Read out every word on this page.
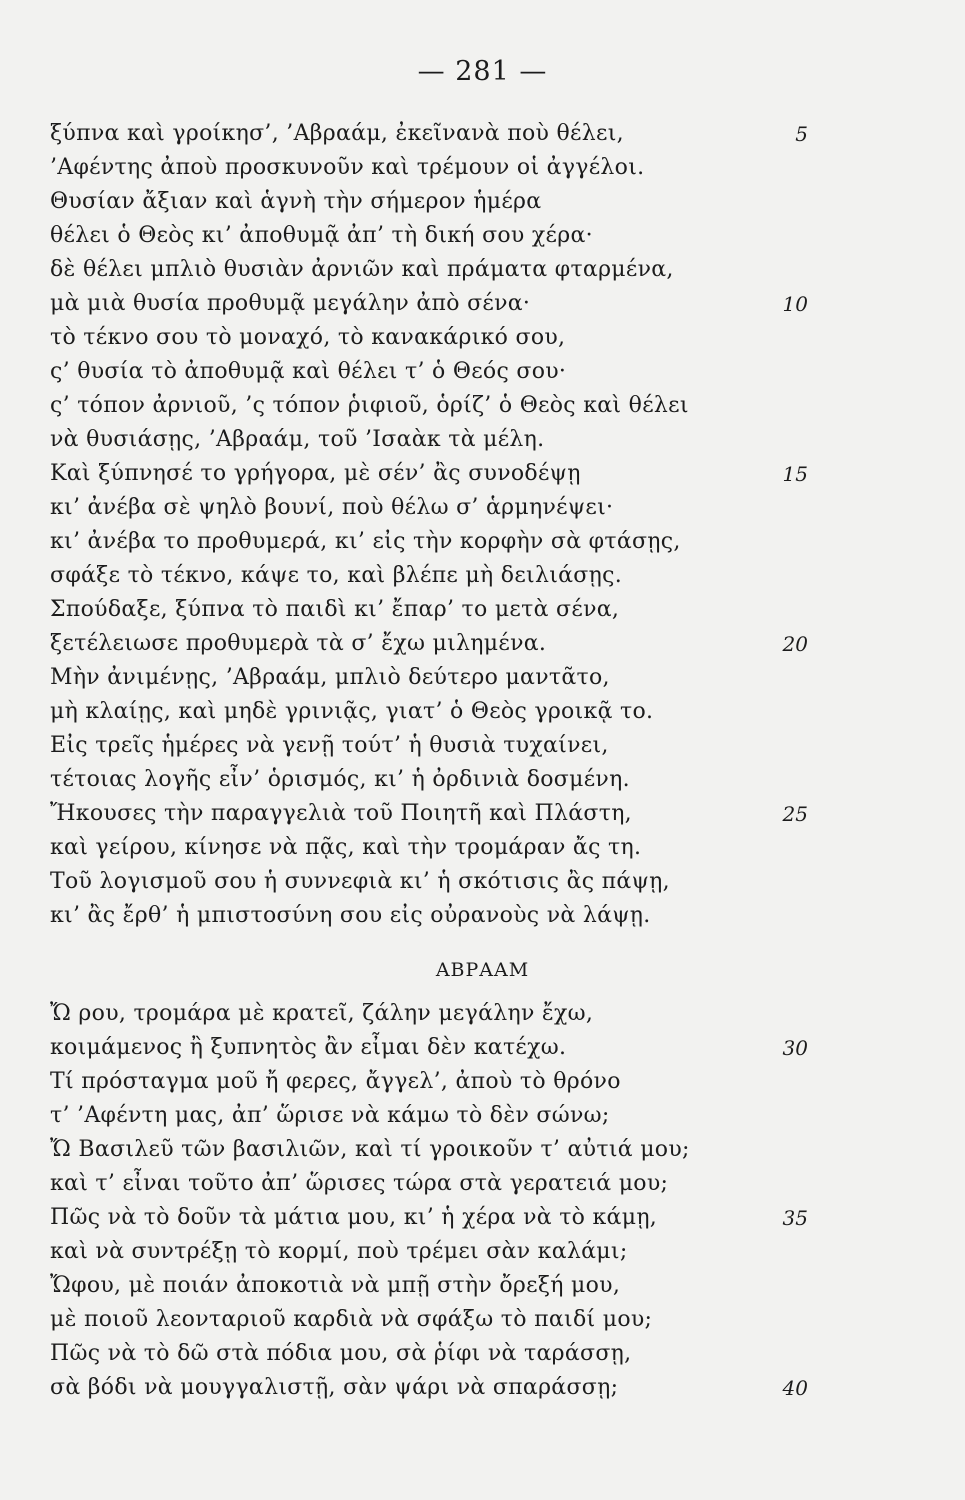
— 281 —

ξύπνα καὶ γροίκησ’, ’Αβραάμ, ἐκεῖνανὰ ποὺ θέλει,

’Αφέντης ἀποὺ προσκυνοῦν καὶ τρέμουν οἱ ἀγγέλοι.

Θυσίαν ἄξιαν καὶ ἁγνὴ τὴν σήμερον ἡμέρα

θέλει ὁ Θεὸς κι’ ἀποθυμᾷ ἀπ’ τὴ δική σου χέρα·

δὲ θέλει μπλιὸ θυσιὰν ἀρνιῶν καὶ πράματα φταρμένα,

μὰ μιὰ θυσία προθυμᾷ μεγάλην ἀπὸ σένα·

τὸ τέκνο σου τὸ μοναχό, τὸ κανακάρικό σου,

ς’ θυσία τὸ ἀποθυμᾷ καὶ θέλει τ’ ὁ Θεός σου·

ς’ τόπον ἀρνιοῦ, ’ς τόπον ῥιφιοῦ, ὁρίζ’ ὁ Θεὸς καὶ θέλει

νὰ θυσιάσῃς, ’Αβραάμ, τοῦ ’Ισαὰκ τὰ μέλη.

Καὶ ξύπνησέ το γρήγορα, μὲ σέν’ ἂς συνοδέψῃ

κι’ ἀνέβα σὲ ψηλὸ βουνί, ποὺ θέλω σ’ ἁρμηνέψει·

κι’ ἀνέβα το προθυμερά, κι’ εἰς τὴν κορφὴν σὰ φτάσῃς,

σφάξε τὸ τέκνο, κάψε το, καὶ βλέπε μὴ δειλιάσῃς.

Σπούδαξε, ξύπνα τὸ παιδὶ κι’ ἔπαρ’ το μετὰ σένα,

ξετέλειωσε προθυμερὰ τὰ σ’ ἔχω μιλημένα.

Μὴν ἀνιμένῃς, ’Αβραάμ, μπλιὸ δεύτερο μαντᾶτο,

μὴ κλαίῃς, καὶ μηδὲ γρινιᾷς, γιατ’ ὁ Θεὸς γροικᾷ το.

Εἰς τρεῖς ἡμέρες νὰ γενῇ τούτ’ ἡ θυσιὰ τυχαίνει,

τέτοιας λογῆς εἶν’ ὁρισμός, κι’ ἡ ὀρδινιὰ δοσμένη.

Ἤκουσες τὴν παραγγελιὰ τοῦ Ποιητῆ καὶ Πλάστη,

καὶ γείρου, κίνησε νὰ πᾷς, καὶ τὴν τρομάραν ἄς τη.

Τοῦ λογισμοῦ σου ἡ συννεφιὰ κι’ ἡ σκότισις ἂς πάψῃ,

κι’ ἂς ἔρθ’ ἡ μπιστοσύνη σου εἰς οὐρανοὺς νὰ λάψῃ.

ΑΒΡΑΑΜ

Ὤ ρου, τρομάρα μὲ κρατεῖ, ζάλην μεγάλην ἔχω,

κοιμάμενος ἢ ξυπνητὸς ἂν εἶμαι δὲν κατέχω.

Τί πρόσταγμα μοῦ ἤ φερες, ἄγγελ’, ἀποὺ τὸ θρόνο

τ’ ’Αφέντη μας, ἀπ’ ὥρισε νὰ κάμω τὸ δὲν σώνω;

Ὤ Βασιλεῦ τῶν βασιλιῶν, καὶ τί γροικοῦν τ’ αὐτιά μου;

καὶ τ’ εἶναι τοῦτο ἀπ’ ὥρισες τώρα στὰ γερατειά μου;

Πῶς νὰ τὸ δοῦν τὰ μάτια μου, κι’ ἡ χέρα νὰ τὸ κάμῃ,

καὶ νὰ συντρέξῃ τὸ κορμί, ποὺ τρέμει σὰν καλάμι;

Ὤφου, μὲ ποιάν ἀποκοτιὰ νὰ μπῇ στὴν ὄρεξή μου,

μὲ ποιοῦ λεονταριοῦ καρδιὰ νὰ σφάξω τὸ παιδί μου;

Πῶς νὰ τὸ δῶ στὰ πόδια μου, σὰ ῥίφι νὰ ταράσσῃ,

σὰ βόδι νὰ μουγγαλιστῇ, σὰν ψάρι νὰ σπαράσσῃ;

5
10
15
20
25
30
35
40
